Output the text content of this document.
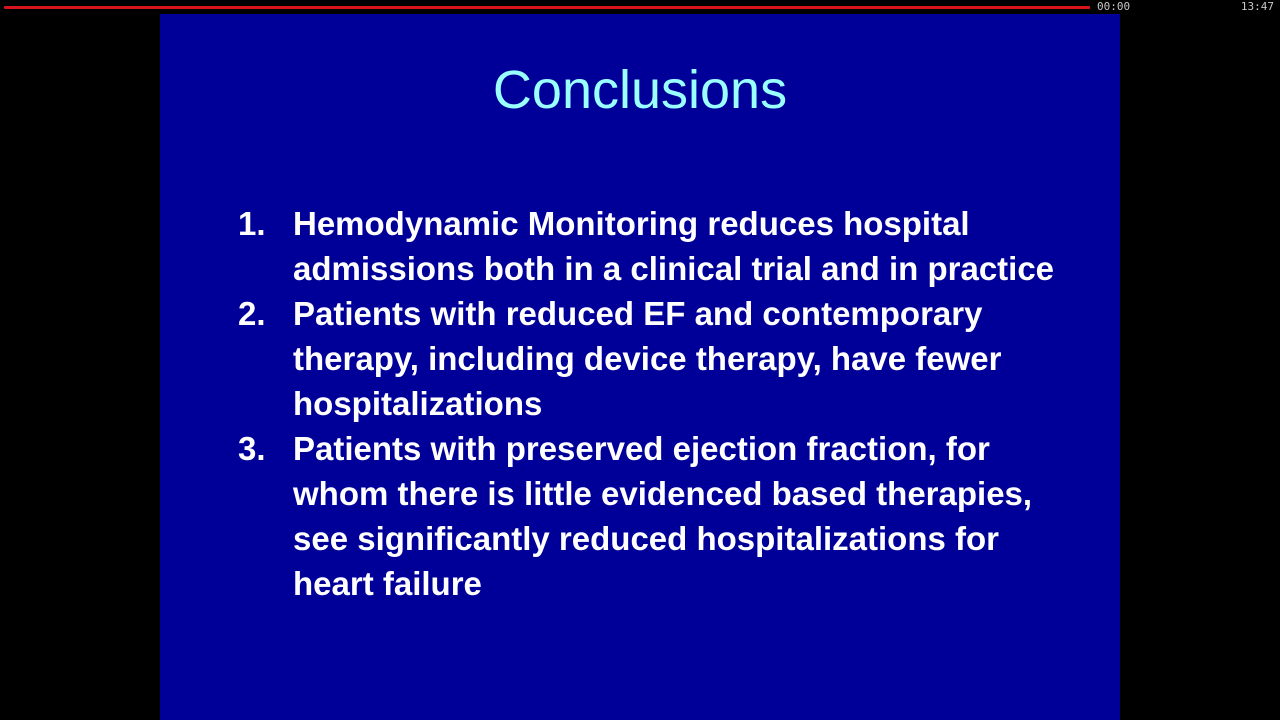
00:00	13:47
Conclusions
1. Hemodynamic Monitoring reduces hospital admissions both in a clinical trial and in practice
2. Patients with reduced EF and contemporary therapy, including device therapy, have fewer hospitalizations
3. Patients with preserved ejection fraction, for whom there is little evidenced based therapies,  see significantly reduced hospitalizations for heart failure
